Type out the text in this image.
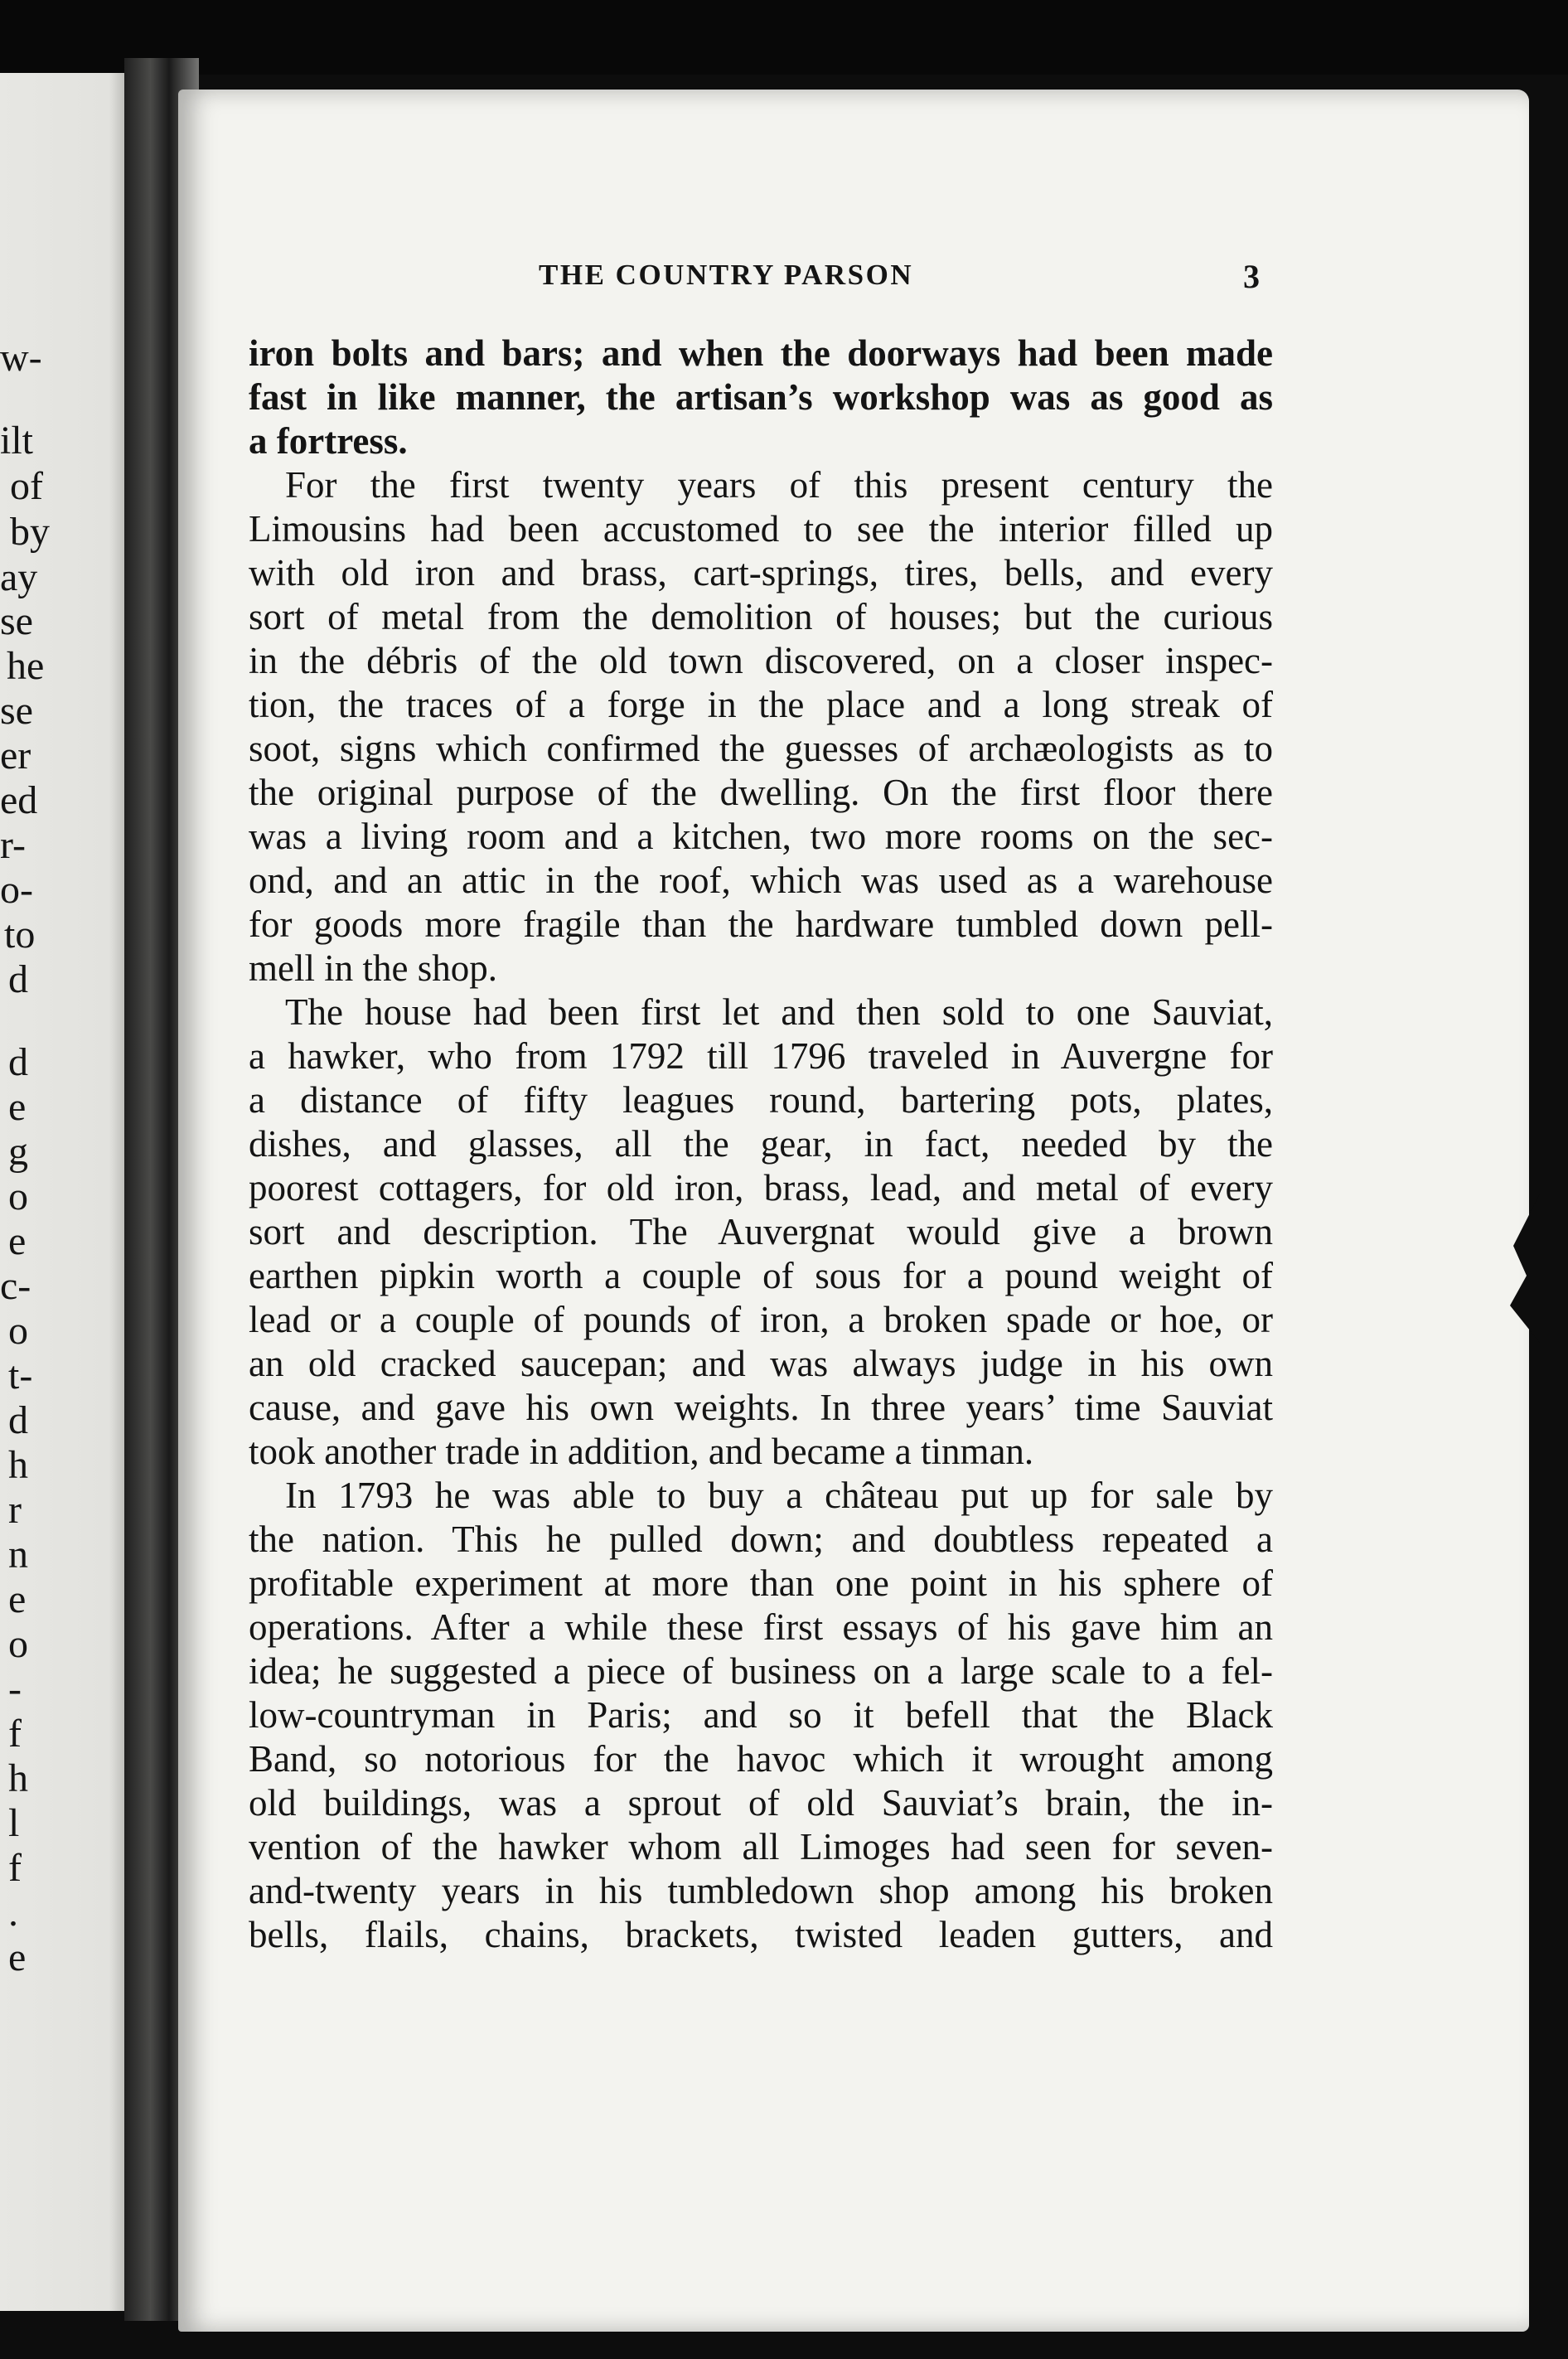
w-
ilt
of
by
ay
se
he
se
er
ed
r-
o-
to
d
d
e
g
o
e
c-
o
t-
d
h
r
n
e
o
-
f
h
l
f
.
e
THE COUNTRY PARSON	3
iron bolts and bars; and when the doorways had been made
fast in like manner, the artisan’s workshop was as good as
a fortress.
For the first twenty years of this present century the
Limousins had been accustomed to see the interior filled up
with old iron and brass, cart-springs, tires, bells, and every
sort of metal from the demolition of houses; but the curious
in the débris of the old town discovered, on a closer inspec-
tion, the traces of a forge in the place and a long streak of
soot, signs which confirmed the guesses of archæologists as to
the original purpose of the dwelling. On the first floor there
was a living room and a kitchen, two more rooms on the sec-
ond, and an attic in the roof, which was used as a warehouse
for goods more fragile than the hardware tumbled down pell-
mell in the shop.
The house had been first let and then sold to one Sauviat,
a hawker, who from 1792 till 1796 traveled in Auvergne for
a distance of fifty leagues round, bartering pots, plates,
dishes, and glasses, all the gear, in fact, needed by the
poorest cottagers, for old iron, brass, lead, and metal of every
sort and description. The Auvergnat would give a brown
earthen pipkin worth a couple of sous for a pound weight of
lead or a couple of pounds of iron, a broken spade or hoe, or
an old cracked saucepan; and was always judge in his own
cause, and gave his own weights. In three years’ time Sauviat
took another trade in addition, and became a tinman.
In 1793 he was able to buy a château put up for sale by
the nation. This he pulled down; and doubtless repeated a
profitable experiment at more than one point in his sphere of
operations. After a while these first essays of his gave him an
idea; he suggested a piece of business on a large scale to a fel-
low-countryman in Paris; and so it befell that the Black
Band, so notorious for the havoc which it wrought among
old buildings, was a sprout of old Sauviat’s brain, the in-
vention of the hawker whom all Limoges had seen for seven-
and-twenty years in his tumbledown shop among his broken
bells, flails, chains, brackets, twisted leaden gutters, and
